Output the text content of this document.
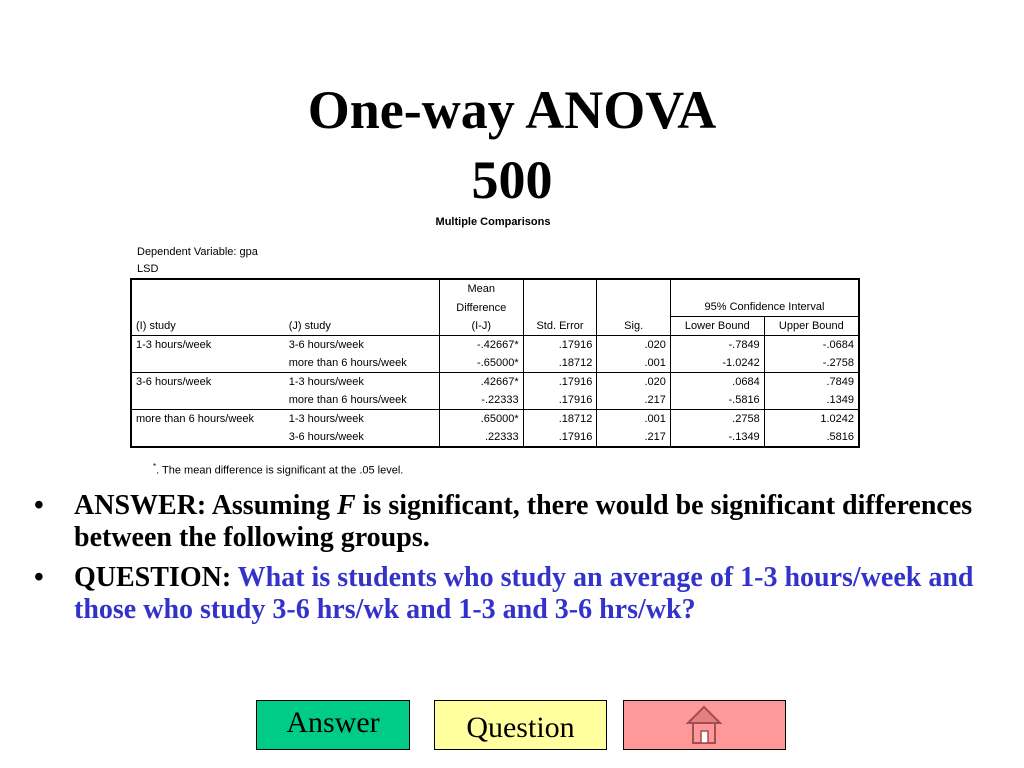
One-way ANOVA
500
Multiple Comparisons
Dependent Variable: gpa
LSD
		Mean				
		Difference			95% Confidence Interval	
(I) study	(J) study	(I-J)	Std. Error	Sig.	Lower Bound	Upper Bound
1-3 hours/week	3-6 hours/week	-.42667*	.17916	.020	-.7849	-.0684
	more than 6 hours/week	-.65000*	.18712	.001	-1.0242	-.2758
3-6 hours/week	1-3 hours/week	.42667*	.17916	.020	.0684	.7849
	more than 6 hours/week	-.22333	.17916	.217	-.5816	.1349
more than 6 hours/week	1-3 hours/week	.65000*	.18712	.001	.2758	1.0242
	3-6 hours/week	.22333	.17916	.217	-.1349	.5816
*. The mean difference is significant at the .05 level.
• ANSWER: Assuming F is significant, there would be significant differences between the following groups.
• QUESTION: What is students who study an average of 1-3 hours/week and those who study 3-6 hrs/wk and 1-3 and 3-6 hrs/wk?
Answer	Question
